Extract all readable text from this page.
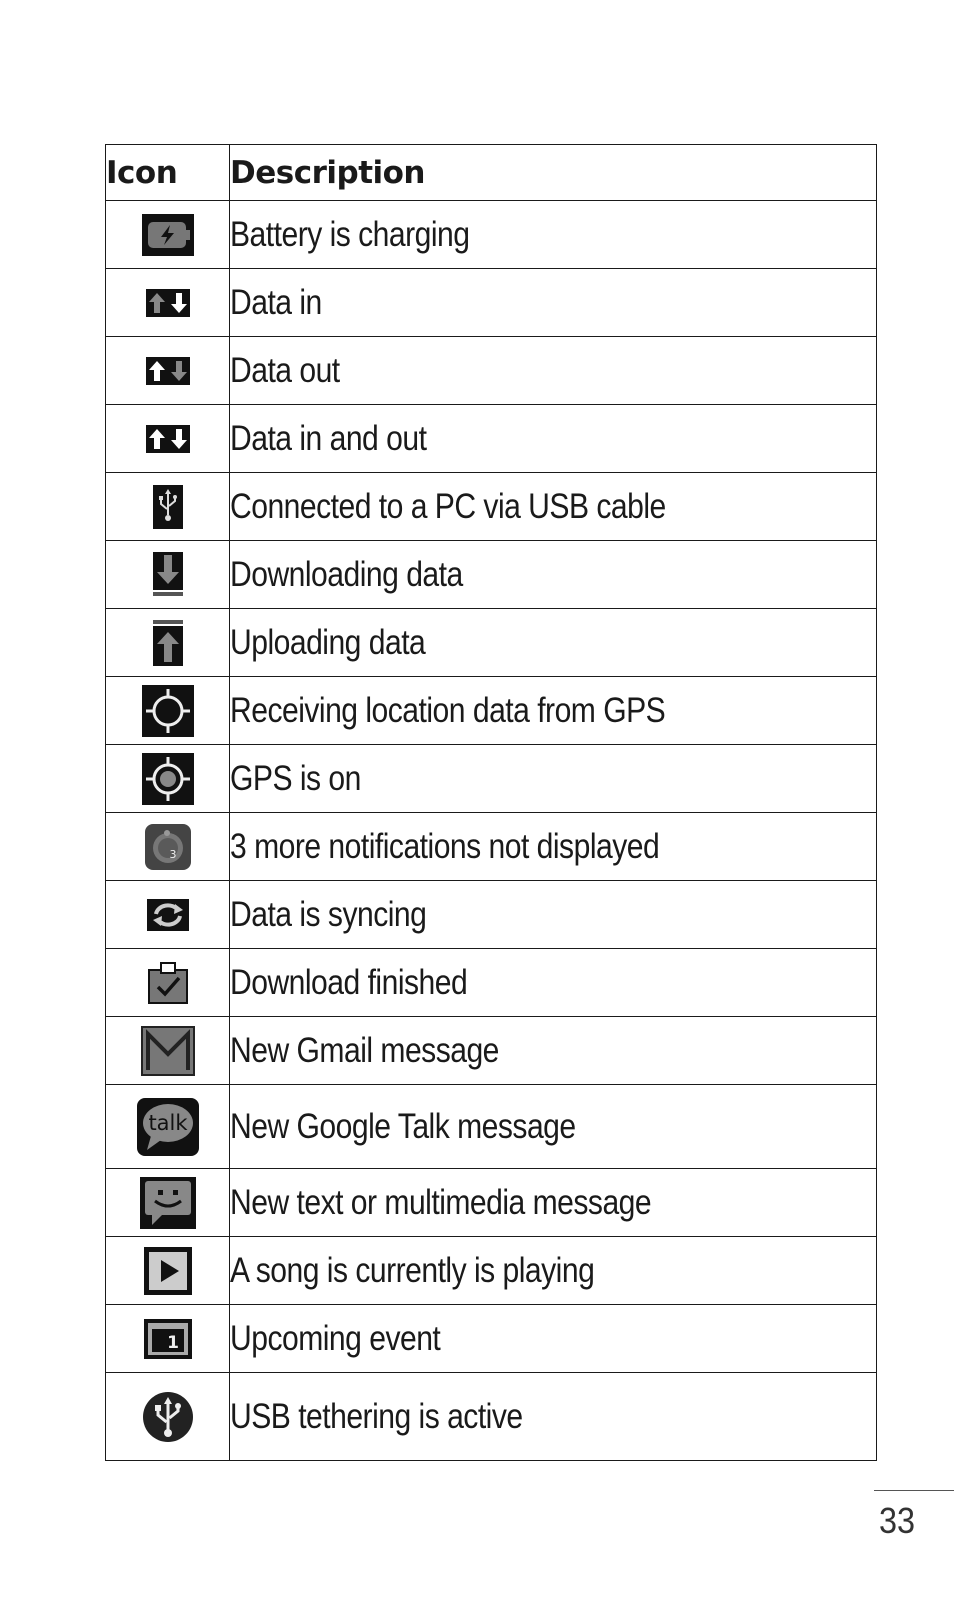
Icon	Description
	Battery is charging
	Data in
	Data out
	Data in and out
	Connected to a PC via USB cable
	Downloading data
	Uploading data
	Receiving location data from GPS
	GPS is on

3	3 more notifications not displayed
	Data is syncing
	Download finished
	New Gmail message

talk	New Google Talk message
	New text or multimedia message
	A song is currently is playing

1	Upcoming event
	USB tethering is active
33
